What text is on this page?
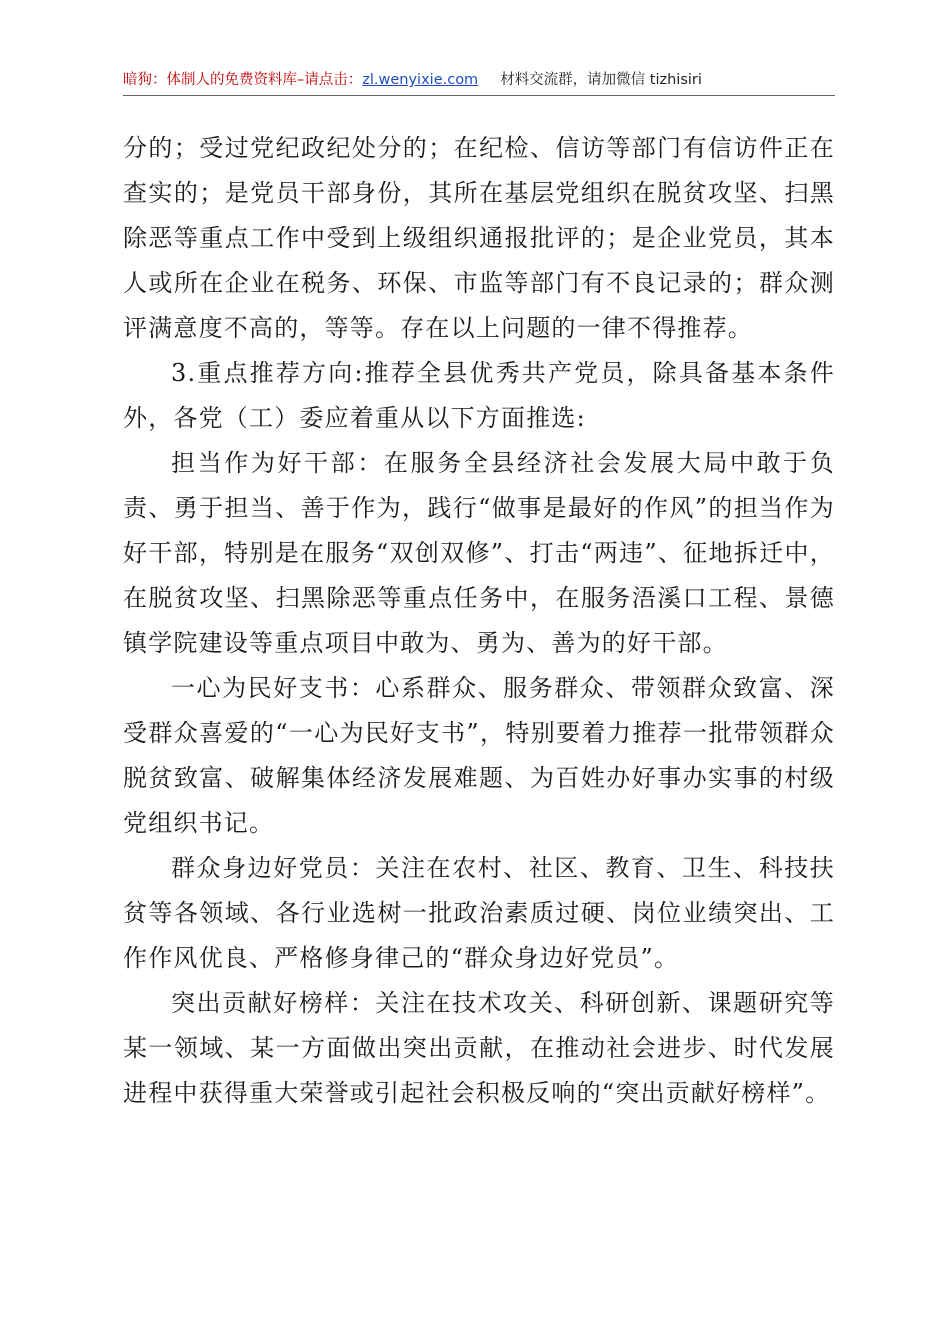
暗狗：体制人的免费资料库–请点击：zl.wenyixie.com 材料交流群，请加微信 tizhisiri

分的；受过党纪政纪处分的；在纪检、信访等部门有信访件正在查实的；是党员干部身份，其所在基层党组织在脱贫攻坚、扫黑除恶等重点工作中受到上级组织通报批评的；是企业党员，其本人或所在企业在税务、环保、市监等部门有不良记录的；群众测评满意度不高的，等等。存在以上问题的一律不得推荐。

3.重点推荐方向:推荐全县优秀共产党员，除具备基本条件外，各党（工）委应着重从以下方面推选:

担当作为好干部：在服务全县经济社会发展大局中敢于负责、勇于担当、善于作为，践行“做事是最好的作风”的担当作为好干部，特别是在服务“双创双修”、打击“两违”、征地拆迁中，在脱贫攻坚、扫黑除恶等重点任务中，在服务浯溪口工程、景德镇学院建设等重点项目中敢为、勇为、善为的好干部。

一心为民好支书：心系群众、服务群众、带领群众致富、深受群众喜爱的“一心为民好支书”，特别要着力推荐一批带领群众脱贫致富、破解集体经济发展难题、为百姓办好事办实事的村级党组织书记。

群众身边好党员：关注在农村、社区、教育、卫生、科技扶贫等各领域、各行业选树一批政治素质过硬、岗位业绩突出、工作作风优良、严格修身律己的“群众身边好党员”。

突出贡献好榜样：关注在技术攻关、科研创新、课题研究等某一领域、某一方面做出突出贡献，在推动社会进步、时代发展进程中获得重大荣誉或引起社会积极反响的“突出贡献好榜样”。
